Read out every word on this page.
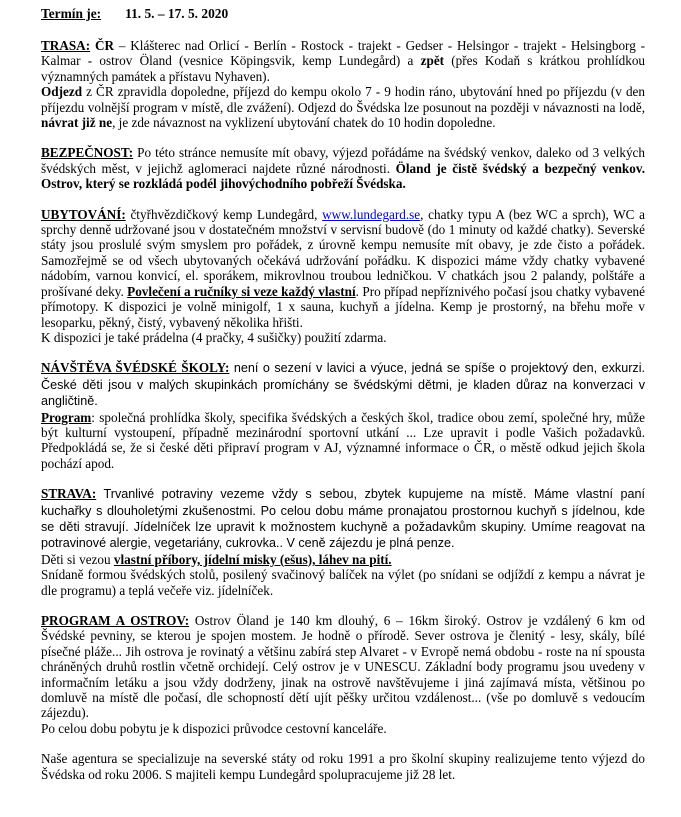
Termín je: 11. 5. – 17. 5. 2020

TRASA: ČR – Klášterec nad Orlicí - Berlín - Rostock - trajekt - Gedser - Helsingor - trajekt - Helsingborg - Kalmar - ostrov Öland (vesnice Köpingsvik, kemp Lundegård) a zpět (přes Kodaň s krátkou prohlídkou významných památek a přístavu Nyhaven).

Odjezd z ČR zpravidla dopoledne, příjezd do kempu okolo 7 - 9 hodin ráno, ubytování hned po příjezdu (v den příjezdu volnější program v místě, dle zvážení). Odjezd do Švédska lze posunout na později v návaznosti na lodě, návrat již ne, je zde návaznost na vyklizení ubytování chatek do 10 hodin dopoledne.

BEZPEČNOST: Po této stránce nemusíte mít obavy, výjezd pořádáme na švédský venkov, daleko od 3 velkých švédských měst, v jejichž aglomeraci najdete různé národnosti. Öland je čistě švédský a bezpečný venkov. Ostrov, který se rozkládá podél jihovýchodního pobřeží Švédska.

UBYTOVÁNÍ: čtyřhvězdičkový kemp Lundegård, www.lundegard.se, chatky typu A (bez WC a sprch), WC a sprchy denně udržované jsou v dostatečném množství v servisní budově (do 1 minuty od každé chatky). Severské státy jsou proslulé svým smyslem pro pořádek, z úrovně kempu nemusíte mít obavy, je zde čisto a pořádek. Samozřejmě se od všech ubytovaných očekává udržování pořádku. K dispozici máme vždy chatky vybavené nádobím, varnou konvicí, el. sporákem, mikrovlnou troubou ledničkou. V chatkách jsou 2 palandy, polštáře a prošívané deky. Povlečení a ručníky si veze každý vlastní. Pro případ nepříznivého počasí jsou chatky vybavené přímotopy. K dispozici je volně minigolf, 1 x sauna, kuchyň a jídelna. Kemp je prostorný, na břehu moře v lesoparku, pěkný, čistý, vybavený několika hřišti.

K dispozici je také prádelna (4 pračky, 4 sušičky) použití zdarma.

NÁVŠTĚVA ŠVÉDSKÉ ŠKOLY: není o sezení v lavici a výuce, jedná se spíše o projektový den, exkurzi. České děti jsou v malých skupinkách promíchány se švédskými dětmi, je kladen důraz na konverzaci v angličtině.

Program: společná prohlídka školy, specifika švédských a českých škol, tradice obou zemí, společné hry, může být kulturní vystoupení, případně mezinárodní sportovní utkání ... Lze upravit i podle Vašich požadavků. Předpokládá se, že si české děti připraví program v AJ, významné informace o ČR, o městě odkud jejich škola pochází apod.

STRAVA: Trvanlivé potraviny vezeme vždy s sebou, zbytek kupujeme na místě. Máme vlastní paní kuchařky s dlouholetými zkušenostmi. Po celou dobu máme pronajatou prostornou kuchyň s jídelnou, kde se děti stravují. Jídelníček lze upravit k možnostem kuchyně a požadavkům skupiny. Umíme reagovat na potravinové alergie, vegetariány, cukrovka.. V ceně zájezdu je plná penze.

Děti si vezou vlastní příbory, jídelní misky (ešus), láhev na pití.

Snídaně formou švédských stolů, posilený svačinový balíček na výlet (po snídani se odjíždí z kempu a návrat je dle programu) a teplá večeře viz. jídelníček.

PROGRAM A OSTROV: Ostrov Öland je 140 km dlouhý, 6 – 16km široký. Ostrov je vzdálený 6 km od Švédské pevniny, se kterou je spojen mostem. Je hodně o přírodě. Sever ostrova je členitý - lesy, skály, bílé písečné pláže... Jih ostrova je rovinatý a většinu zabírá step Alvaret - v Evropě nemá obdobu - roste na ní spousta chráněných druhů rostlin včetně orchidejí. Celý ostrov je v UNESCU. Základní body programu jsou uvedeny v informačním letáku a jsou vždy dodrženy, jinak na ostrově navštěvujeme i jiná zajímavá místa, většinou po domluvě na místě dle počasí, dle schopností dětí ujít pěšky určitou vzdálenost... (vše po domluvě s vedoucím zájezdu).

Po celou dobu pobytu je k dispozici průvodce cestovní kanceláře.

Naše agentura se specializuje na severské státy od roku 1991 a pro školní skupiny realizujeme tento výjezd do Švédska od roku 2006. S majiteli kempu Lundegård spolupracujeme již 28 let.
